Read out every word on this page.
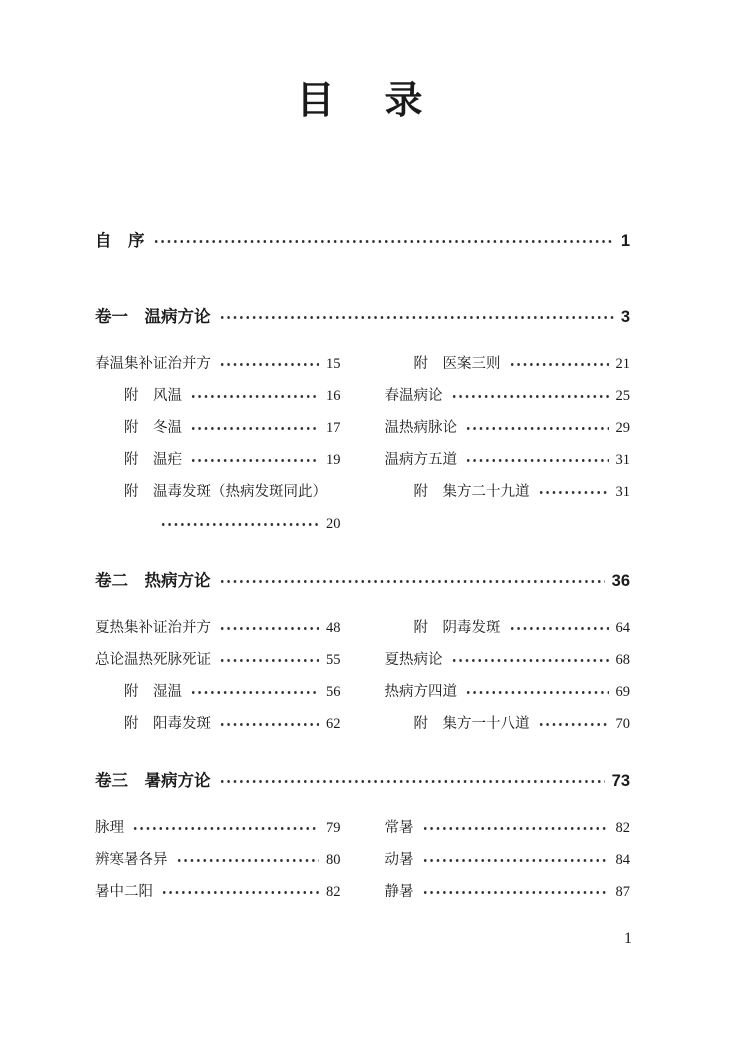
目　录
自　序	1
卷一　温病方论	3
春温集补证治并方	15
附　风温	16
附　冬温	17
附　温疟	19
附　温毒发斑（热病发斑同此）
20
附　医案三则	21
春温病论	25
温热病脉论	29
温病方五道	31
附　集方二十九道	31
卷二　热病方论	36
夏热集补证治并方	48
总论温热死脉死证	55
附　湿温	56
附　阳毒发斑	62
附　阴毒发斑	64
夏热病论	68
热病方四道	69
附　集方一十八道	70
卷三　暑病方论	73
脉理	79
辨寒暑各异	80
暑中二阳	82
常暑	82
动暑	84
静暑	87
1
